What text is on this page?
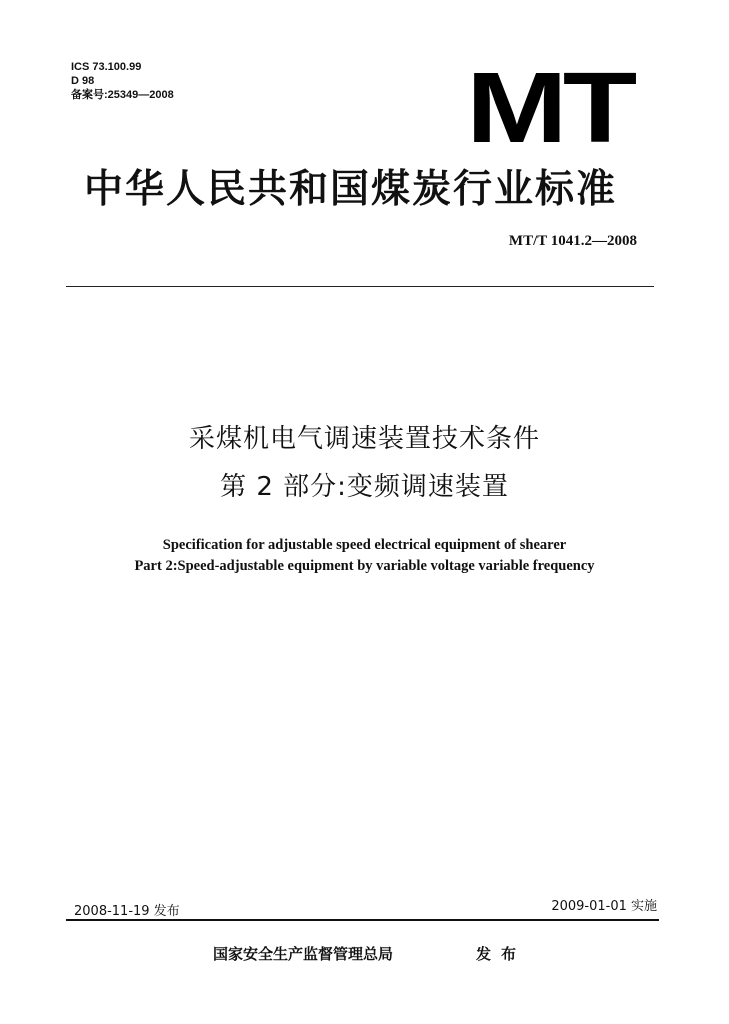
ICS 73.100.99
D 98
备案号:25349—2008	MT
中华人民共和国煤炭行业标准
MT/T 1041.2—2008
采煤机电气调速装置技术条件
第 2 部分:变频调速装置
Specification for adjustable speed electrical equipment of shearer
Part 2:Speed-adjustable equipment by variable voltage variable frequency
2008-11-19 发布	2009-01-01 实施
国家安全生产监督管理总局	发布
